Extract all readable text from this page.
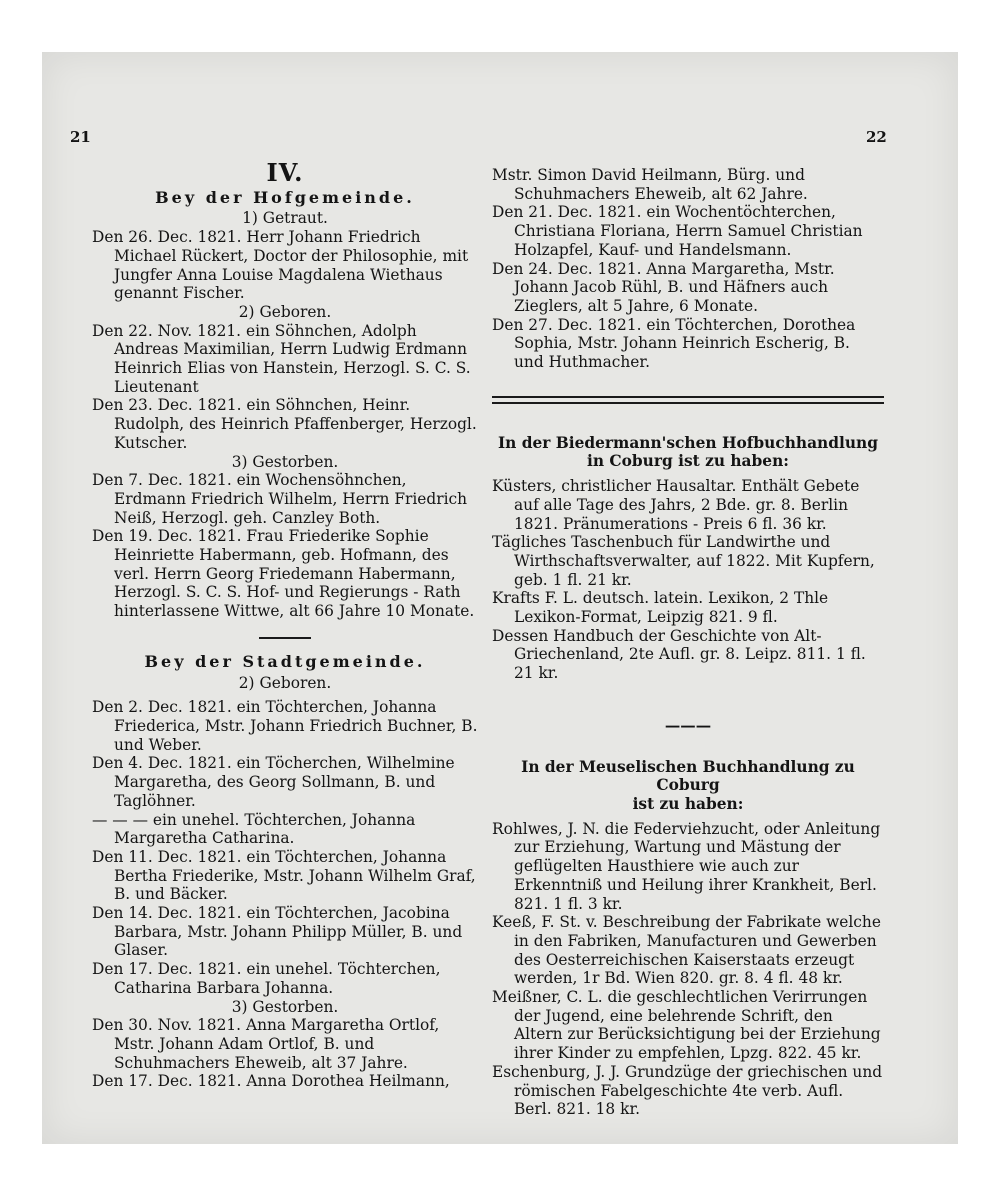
21	22
IV.
Bey der Hofgemeinde.

1) Getraut.

Den 26. Dec. 1821. Herr Johann Friedrich Michael Rückert, Doctor der Philosophie, mit Jungfer Anna Louise Magdalena Wiethaus genannt Fischer.

2) Geboren.

Den 22. Nov. 1821. ein Söhnchen, Adolph Andreas Maximilian, Herrn Ludwig Erdmann Heinrich Elias von Hanstein, Herzogl. S. C. S. Lieutenant

Den 23. Dec. 1821. ein Söhnchen, Heinr. Rudolph, des Heinrich Pfaffenberger, Herzogl. Kutscher.

3) Gestorben.

Den 7. Dec. 1821. ein Wochensöhnchen, Erdmann Friedrich Wilhelm, Herrn Friedrich Neiß, Herzogl. geh. Canzley Both.

Den 19. Dec. 1821. Frau Friederike Sophie Heinriette Habermann, geb. Hofmann, des verl. Herrn Georg Friedemann Habermann, Herzogl. S. C. S. Hof- und Regierungs - Rath hinterlassene Wittwe, alt 66 Jahre 10 Monate.

Bey der Stadtgemeinde.

2) Geboren.

Den 2. Dec. 1821. ein Töchterchen, Johanna Friederica, Mstr. Johann Friedrich Buchner, B. und Weber.

Den 4. Dec. 1821. ein Töcherchen, Wilhelmine Margaretha, des Georg Sollmann, B. und Taglöhner.

— — — ein unehel. Töchterchen, Johanna Margaretha Catharina.

Den 11. Dec. 1821. ein Töchterchen, Johanna Bertha Friederike, Mstr. Johann Wilhelm Graf, B. und Bäcker.

Den 14. Dec. 1821. ein Töchterchen, Jacobina Barbara, Mstr. Johann Philipp Müller, B. und Glaser.

Den 17. Dec. 1821. ein unehel. Töchterchen, Catharina Barbara Johanna.

3) Gestorben.

Den 30. Nov. 1821. Anna Margaretha Ortlof, Mstr. Johann Adam Ortlof, B. und Schuhmachers Eheweib, alt 37 Jahre.

Den 17. Dec. 1821. Anna Dorothea Heilmann,

Mstr. Simon David Heilmann, Bürg. und Schuhmachers Eheweib, alt 62 Jahre.

Den 21. Dec. 1821. ein Wochentöchterchen, Christiana Floriana, Herrn Samuel Christian Holzapfel, Kauf- und Handelsmann.

Den 24. Dec. 1821. Anna Margaretha, Mstr. Johann Jacob Rühl, B. und Häfners auch Zieglers, alt 5 Jahre, 6 Monate.

Den 27. Dec. 1821. ein Töchterchen, Dorothea Sophia, Mstr. Johann Heinrich Escherig, B. und Huthmacher.

In der Biedermann'schen Hofbuchhandlung

in Coburg ist zu haben:

Küsters, christlicher Hausaltar. Enthält Gebete auf alle Tage des Jahrs, 2 Bde. gr. 8. Berlin 1821. Pränumerations - Preis 6 fl. 36 kr.

Tägliches Taschenbuch für Landwirthe und Wirthschaftsverwalter, auf 1822. Mit Kupfern, geb. 1 fl. 21 kr.

Krafts F. L. deutsch. latein. Lexikon, 2 Thle Lexikon-Format, Leipzig 821. 9 fl.

Dessen Handbuch der Geschichte von Alt-Griechenland, 2te Aufl. gr. 8. Leipz. 811. 1 fl. 21 kr.

———

In der Meuselischen Buchhandlung zu Coburg

ist zu haben:

Rohlwes, J. N. die Federviehzucht, oder Anleitung zur Erziehung, Wartung und Mästung der geflügelten Hausthiere wie auch zur Erkenntniß und Heilung ihrer Krankheit, Berl. 821. 1 fl. 3 kr.

Keeß, F. St. v. Beschreibung der Fabrikate welche in den Fabriken, Manufacturen und Gewerben des Oesterreichischen Kaiserstaats erzeugt werden, 1r Bd. Wien 820. gr. 8. 4 fl. 48 kr.

Meißner, C. L. die geschlechtlichen Verirrungen der Jugend, eine belehrende Schrift, den Altern zur Berücksichtigung bei der Erziehung ihrer Kinder zu empfehlen, Lpzg. 822. 45 kr.

Eschenburg, J. J. Grundzüge der griechischen und römischen Fabelgeschichte 4te verb. Aufl. Berl. 821. 18 kr.
